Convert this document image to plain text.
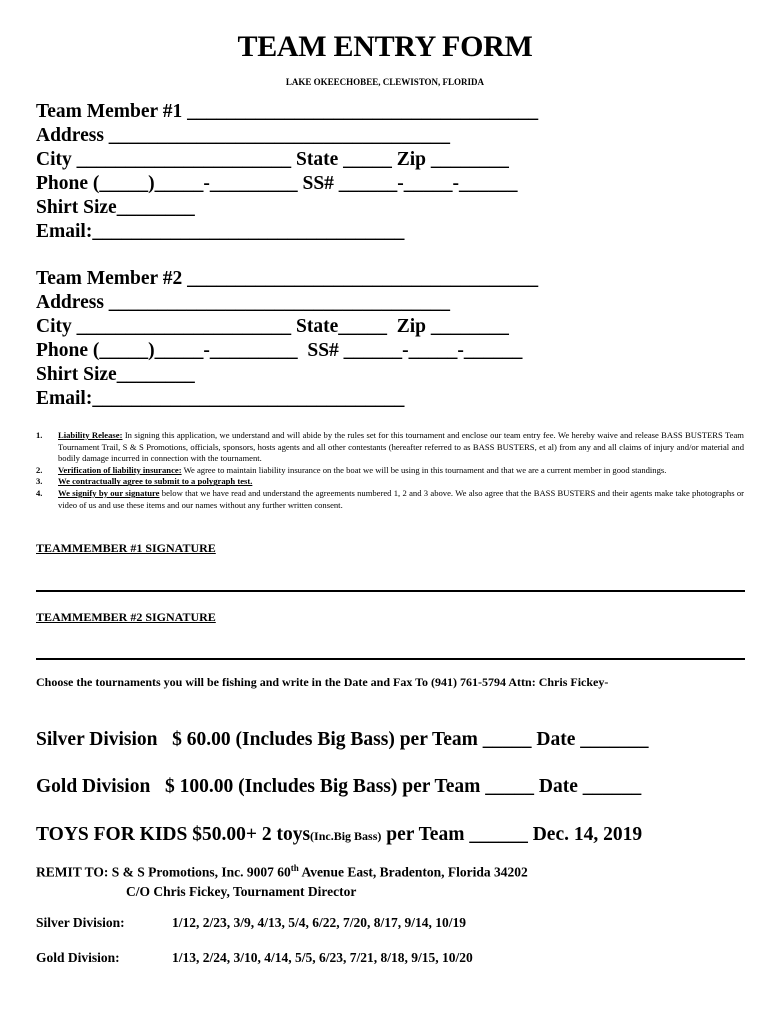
TEAM ENTRY FORM
LAKE OKEECHOBEE, CLEWISTON, FLORIDA
Team Member #1 ____________________________________
Address ___________________________________
City ______________________ State _____ Zip ________
Phone (_____)_____-_________ SS# ______-_____-______
Shirt Size________
Email:________________________________
Team Member #2 ____________________________________
Address ___________________________________
City ______________________ State_____  Zip ________
Phone (_____)_____-_________  SS# ______-_____-______
Shirt Size________
Email:________________________________
1. Liability Release: In signing this application, we understand and will abide by the rules set for this tournament and enclose our team entry fee. We hereby waive and release BASS BUSTERS Team Tournament Trail, S & S Promotions, officials, sponsors, hosts agents and all other contestants (hereafter referred to as BASS BUSTERS, et al) from any and all claims of injury and/or material and bodily damage incurred in connection with the tournament.
2. Verification of liability insurance: We agree to maintain liability insurance on the boat we will be using in this tournament and that we are a current member in good standings.
3. We contractually agree to submit to a polygraph test.
4. We signify by our signature below that we have read and understand the agreements numbered 1, 2 and 3 above. We also agree that the BASS BUSTERS and their agents make take photographs or video of us and use these items and our names without any further written consent.
TEAMMEMBER #1 SIGNATURE
TEAMMEMBER #2 SIGNATURE
Choose the tournaments you will be fishing and write in the Date and Fax To (941) 761-5794 Attn: Chris Fickey-
Silver Division   $ 60.00 (Includes Big Bass) per Team _____ Date _______
Gold Division   $ 100.00 (Includes Big Bass) per Team _____ Date ______
TOYS FOR KIDS $50.00+ 2 toys(Inc.Big Bass) per Team ______ Dec. 14, 2019
REMIT TO: S & S Promotions, Inc. 9007 60th Avenue East, Bradenton, Florida 34202
C/O Chris Fickey, Tournament Director
Silver Division:	1/12, 2/23, 3/9, 4/13, 5/4, 6/22, 7/20, 8/17, 9/14, 10/19
Gold Division:	1/13, 2/24, 3/10, 4/14, 5/5, 6/23, 7/21, 8/18, 9/15, 10/20
